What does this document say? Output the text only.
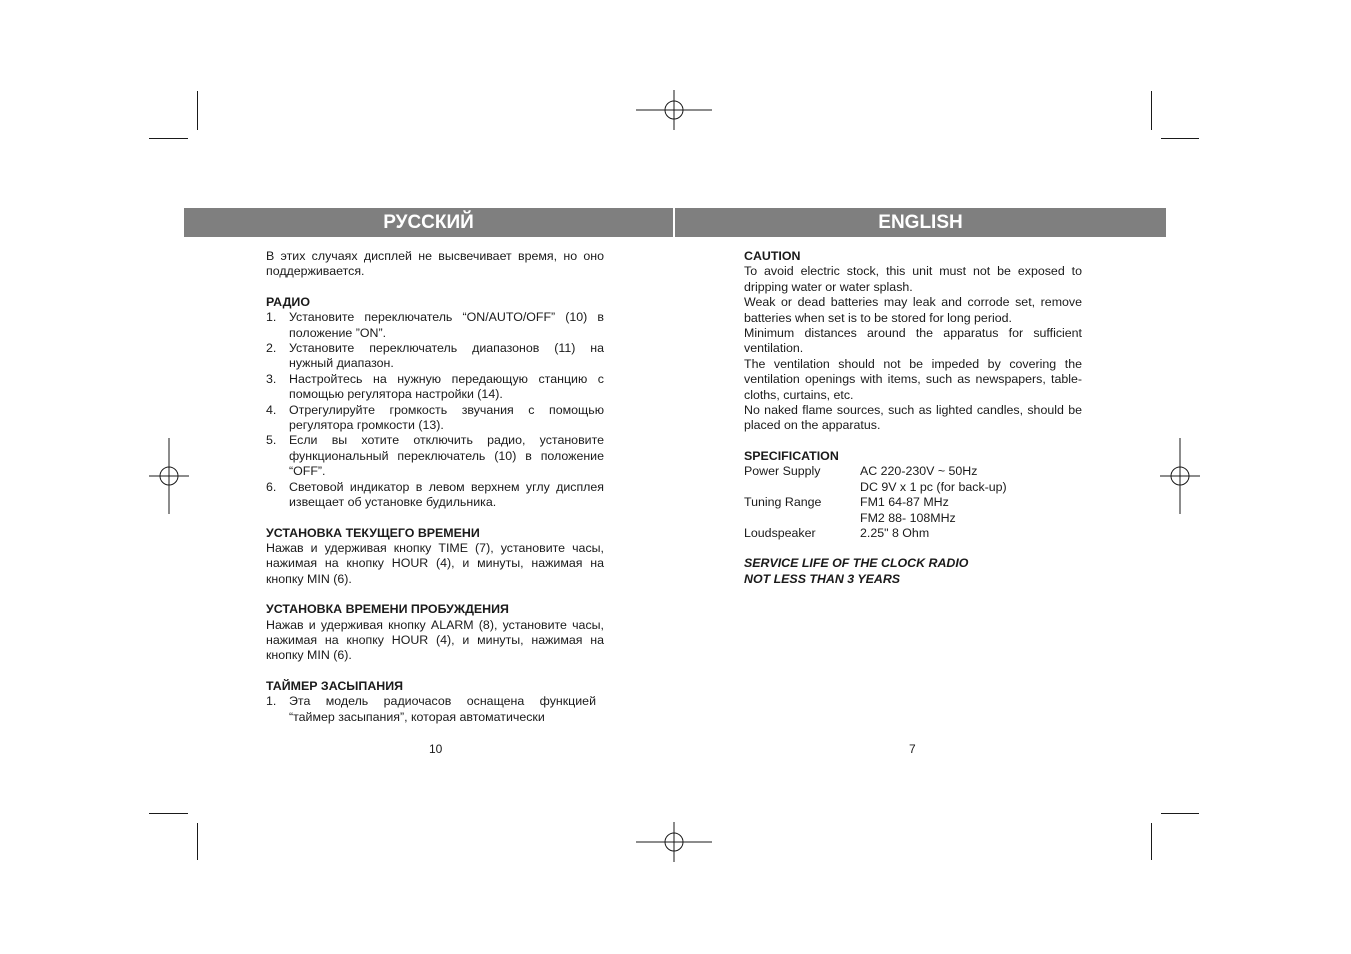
РУССКИЙ	ENGLISH

В этих случаях дисплей не высвечивает время, но оно поддерживается.

РАДИО

1. Установите переключатель “ON/AUTO/OFF” (10) в положение ”ON”.
2. Установите переключатель диапазонов (11) на нужный диапазон.
3. Настройтесь на нужную передающую станцию с помощью регулятора настройки (14).
4. Отрегулируйте громкость звучания с помощью регулятора громкости (13).
5. Если вы хотите отключить радио, установите функциональный переключатель (10) в положение “OFF”.
6. Световой индикатор в левом верхнем углу дисплея извещает об установке будильника.

УСТАНОВКА ТЕКУЩЕГО ВРЕМЕНИ

Нажав и удерживая кнопку TIME (7), установите часы, нажимая на кнопку HOUR (4), и минуты, нажимая на кнопку MIN (6).

УСТАНОВКА ВРЕМЕНИ ПРОБУЖДЕНИЯ

Нажав и удерживая кнопку ALARM (8), установите часы, нажимая на кнопку HOUR (4), и минуты, нажимая на кнопку MIN (6).

ТАЙМЕР ЗАСЫПАНИЯ

1. Эта модель радиочасов оснащена функцией “таймер засыпания”, которая автоматически
10

CAUTION

To avoid electric stock, this unit must not be exposed to dripping water or water splash.

Weak or dead batteries may leak and corrode set, remove batteries when set is to be stored for long period.

Minimum distances around the apparatus for sufficient ventilation.

The ventilation should not be impeded by covering the ventilation openings with items, such as newspapers, table-cloths, curtains, etc.

No naked flame sources, such as lighted candles, should be placed on the apparatus.

SPECIFICATION

Power Supply	AC 220-230V ~ 50Hz
DC 9V x 1 pc (for back-up)
Tuning Range	FM1 64-87 MHz
FM2 88- 108MHz
Loudspeaker	2.25" 8 Ohm

SERVICE LIFE OF THE CLOCK RADIO

NOT LESS THAN 3 YEARS

7
